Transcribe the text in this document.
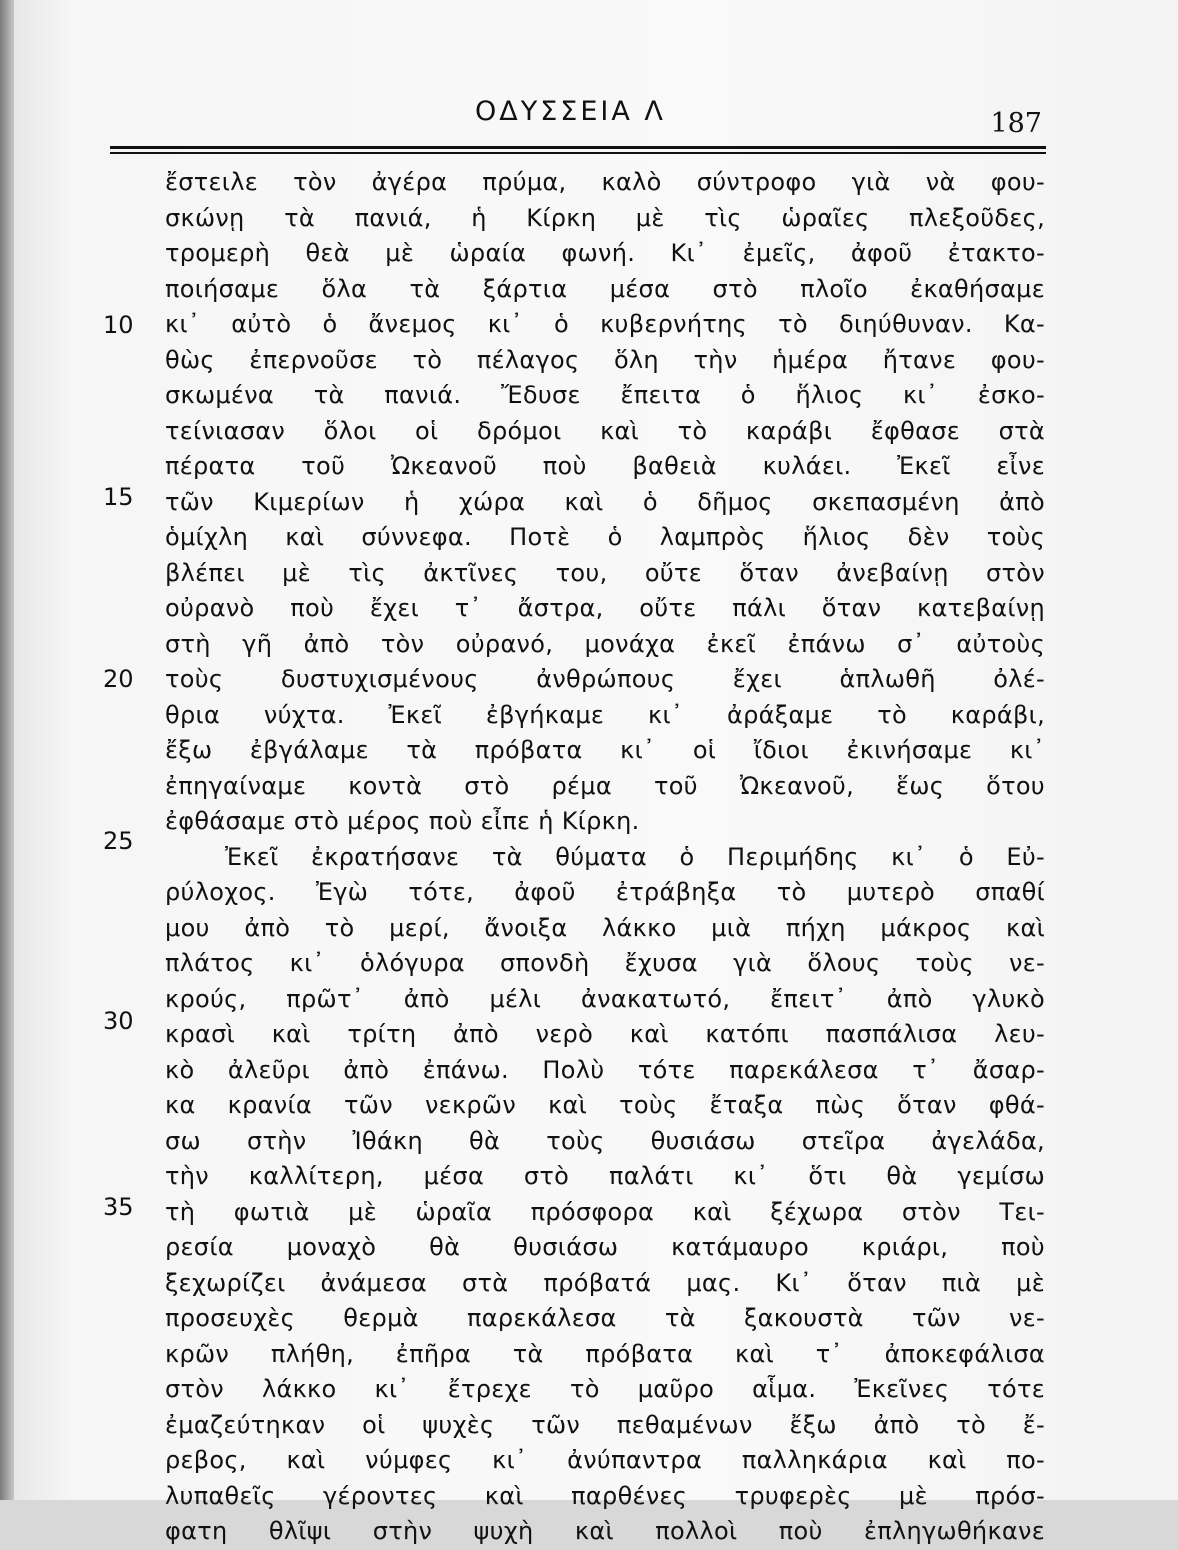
ΟΔΥΣΣΕΙΑ Λ	187
10
15
20
25
30
35
ἔστειλε τὸν ἀγέρα πρύμα, καλὸ σύντροφο γιὰ νὰ φου-
σκώνῃ τὰ πανιά, ἡ Κίρκη μὲ τὶς ὡραῖες πλεξοῦδες,
τρομερὴ θεὰ μὲ ὡραία φωνή. Κι᾿ ἐμεῖς, ἀφοῦ ἐτακτο-
ποιήσαμε ὅλα τὰ ξάρτια μέσα στὸ πλοῖο ἐκαθήσαμε
κι᾿ αὐτὸ ὁ ἄνεμος κι᾿ ὁ κυβερνήτης τὸ διηύθυναν. Κα-
θὼς ἐπερνοῦσε τὸ πέλαγος ὅλη τὴν ἡμέρα ἤτανε φου-
σκωμένα τὰ πανιά. Ἔδυσε ἔπειτα ὁ ἥλιος κι᾿ ἐσκο-
τείνιασαν ὅλοι οἱ δρόμοι καὶ τὸ καράβι ἔφθασε στὰ
πέρατα τοῦ Ὠκεανοῦ ποὺ βαθειὰ κυλάει. Ἐκεῖ εἶνε
τῶν Κιμερίων ἡ χώρα καὶ ὁ δῆμος σκεπασμένη ἀπὸ
ὁμίχλη καὶ σύννεφα. Ποτὲ ὁ λαμπρὸς ἥλιος δὲν τοὺς
βλέπει μὲ τὶς ἀκτῖνες του, οὔτε ὅταν ἀνεβαίνῃ στὸν
οὐρανὸ ποὺ ἔχει τ᾿ ἄστρα, οὔτε πάλι ὅταν κατεβαίνῃ
στὴ γῆ ἀπὸ τὸν οὐρανό, μονάχα ἐκεῖ ἐπάνω σ᾿ αὐτοὺς
τοὺς δυστυχισμένους ἀνθρώπους ἔχει ἁπλωθῆ ὀλέ-
θρια νύχτα. Ἐκεῖ ἐβγήκαμε κι᾿ ἀράξαμε τὸ καράβι,
ἔξω ἐβγάλαμε τὰ πρόβατα κι᾿ οἱ ἴδιοι ἐκινήσαμε κι᾿
ἐπηγαίναμε κοντὰ στὸ ρέμα τοῦ Ὠκεανοῦ, ἕως ὅτου
ἐφθάσαμε στὸ μέρος ποὺ εἶπε ἡ Κίρκη.
Ἐκεῖ ἐκρατήσανε τὰ θύματα ὁ Περιμήδης κι᾿ ὁ Εὐ-
ρύλοχος. Ἐγὼ τότε, ἀφοῦ ἐτράβηξα τὸ μυτερὸ σπαθί
μου ἀπὸ τὸ μερί, ἄνοιξα λάκκο μιὰ πήχη μάκρος καὶ
πλάτος κι᾿ ὁλόγυρα σπονδὴ ἔχυσα γιὰ ὅλους τοὺς νε-
κρούς, πρῶτ᾿ ἀπὸ μέλι ἀνακατωτό, ἔπειτ᾿ ἀπὸ γλυκὸ
κρασὶ καὶ τρίτη ἀπὸ νερὸ καὶ κατόπι πασπάλισα λευ-
κὸ ἀλεῦρι ἀπὸ ἐπάνω. Πολὺ τότε παρεκάλεσα τ᾿ ἄσαρ-
κα κρανία τῶν νεκρῶν καὶ τοὺς ἔταξα πὼς ὅταν φθά-
σω στὴν Ἰθάκη θὰ τοὺς θυσιάσω στεῖρα ἀγελάδα,
τὴν καλλίτερη, μέσα στὸ παλάτι κι᾿ ὅτι θὰ γεμίσω
τὴ φωτιὰ μὲ ὡραῖα πρόσφορα καὶ ξέχωρα στὸν Τει-
ρεσία μοναχὸ θὰ θυσιάσω κατάμαυρο κριάρι, ποὺ
ξεχωρίζει ἀνάμεσα στὰ πρόβατά μας. Κι᾿ ὅταν πιὰ μὲ
προσευχὲς θερμὰ παρεκάλεσα τὰ ξακουστὰ τῶν νε-
κρῶν πλήθη, ἐπῆρα τὰ πρόβατα καὶ τ᾿ ἀποκεφάλισα
στὸν λάκκο κι᾿ ἔτρεχε τὸ μαῦρο αἷμα. Ἐκεῖνες τότε
ἐμαζεύτηκαν οἱ ψυχὲς τῶν πεθαμένων ἔξω ἀπὸ τὸ ἔ-
ρεβος, καὶ νύμφες κι᾿ ἀνύπαντρα παλληκάρια καὶ πο-
λυπαθεῖς γέροντες καὶ παρθένες τρυφερὲς μὲ πρόσ-
φατη θλῖψι στὴν ψυχὴ καὶ πολλοὶ ποὺ ἐπληγωθήκανε
